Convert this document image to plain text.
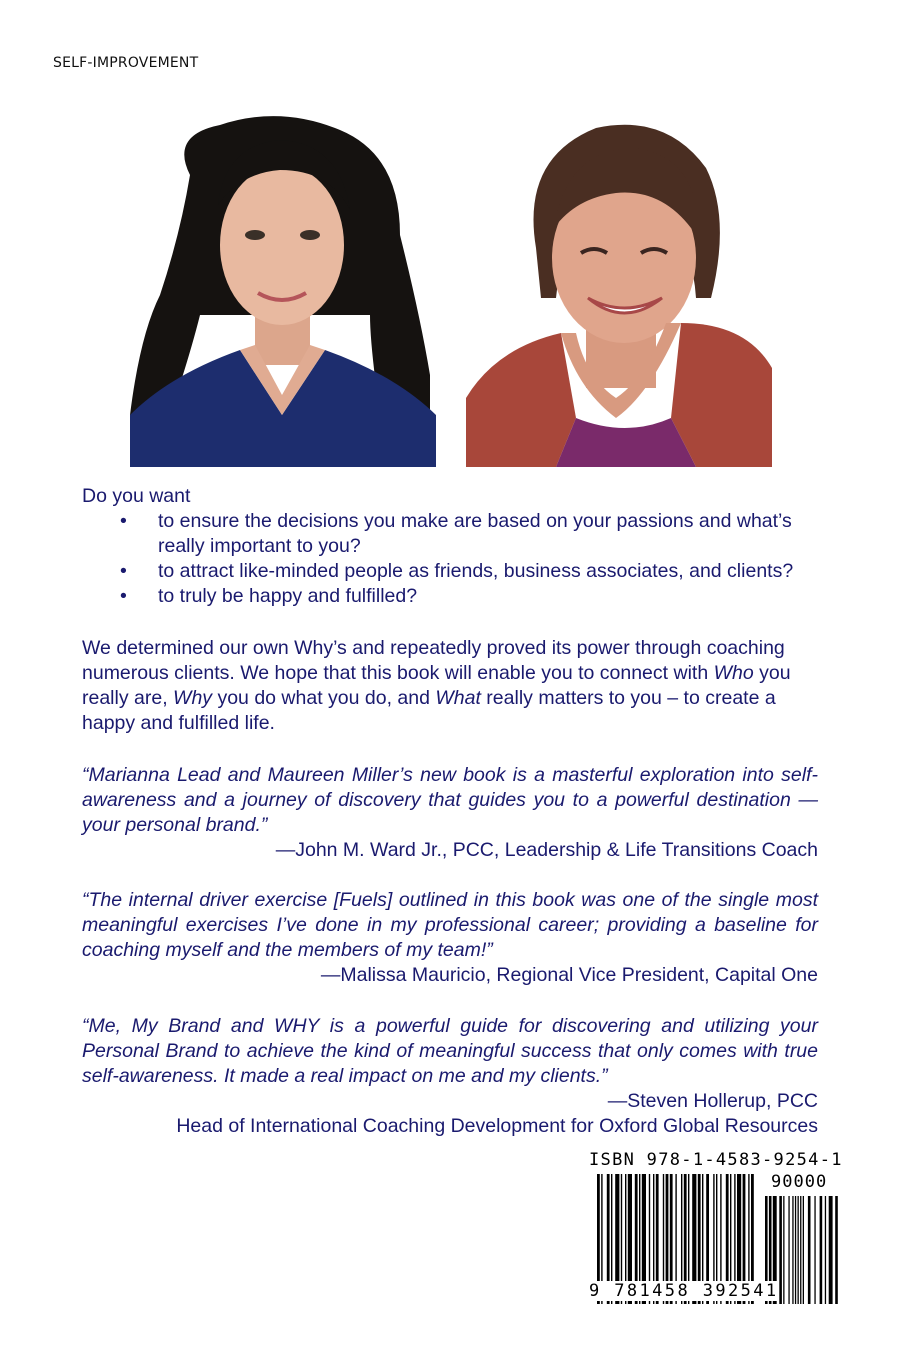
SELF-IMPROVEMENT
Do you want
• to ensure the decisions you make are based on your passions and what’s really important to you?
• to attract like-minded people as friends, business associates, and clients?
• to truly be happy and fulfilled?
We determined our own Why’s and repeatedly proved its power through coaching numerous clients. We hope that this book will enable you to connect with Who you really are, Why you do what you do, and What really matters to you – to create a happy and fulfilled life.
“Marianna Lead and Maureen Miller’s new book is a masterful exploration into self-awareness and a journey of discovery that guides you to a powerful destination — your personal brand.”
—John M. Ward Jr., PCC, Leadership & Life Transitions Coach
“The internal driver exercise [Fuels] outlined in this book was one of the single most meaningful exercises I’ve done in my professional career; providing a baseline for coaching myself and the members of my team!”
—Malissa Mauricio, Regional Vice President, Capital One
“Me, My Brand and WHY is a powerful guide for discovering and utilizing your Personal Brand to achieve the kind of meaningful success that only comes with true self-awareness. It made a real impact on me and my clients.”
—Steven Hollerup, PCC
Head of International Coaching Development for Oxford Global Resources
ISBN 978-1-4583-9254-1
90000
9 781458 392541
